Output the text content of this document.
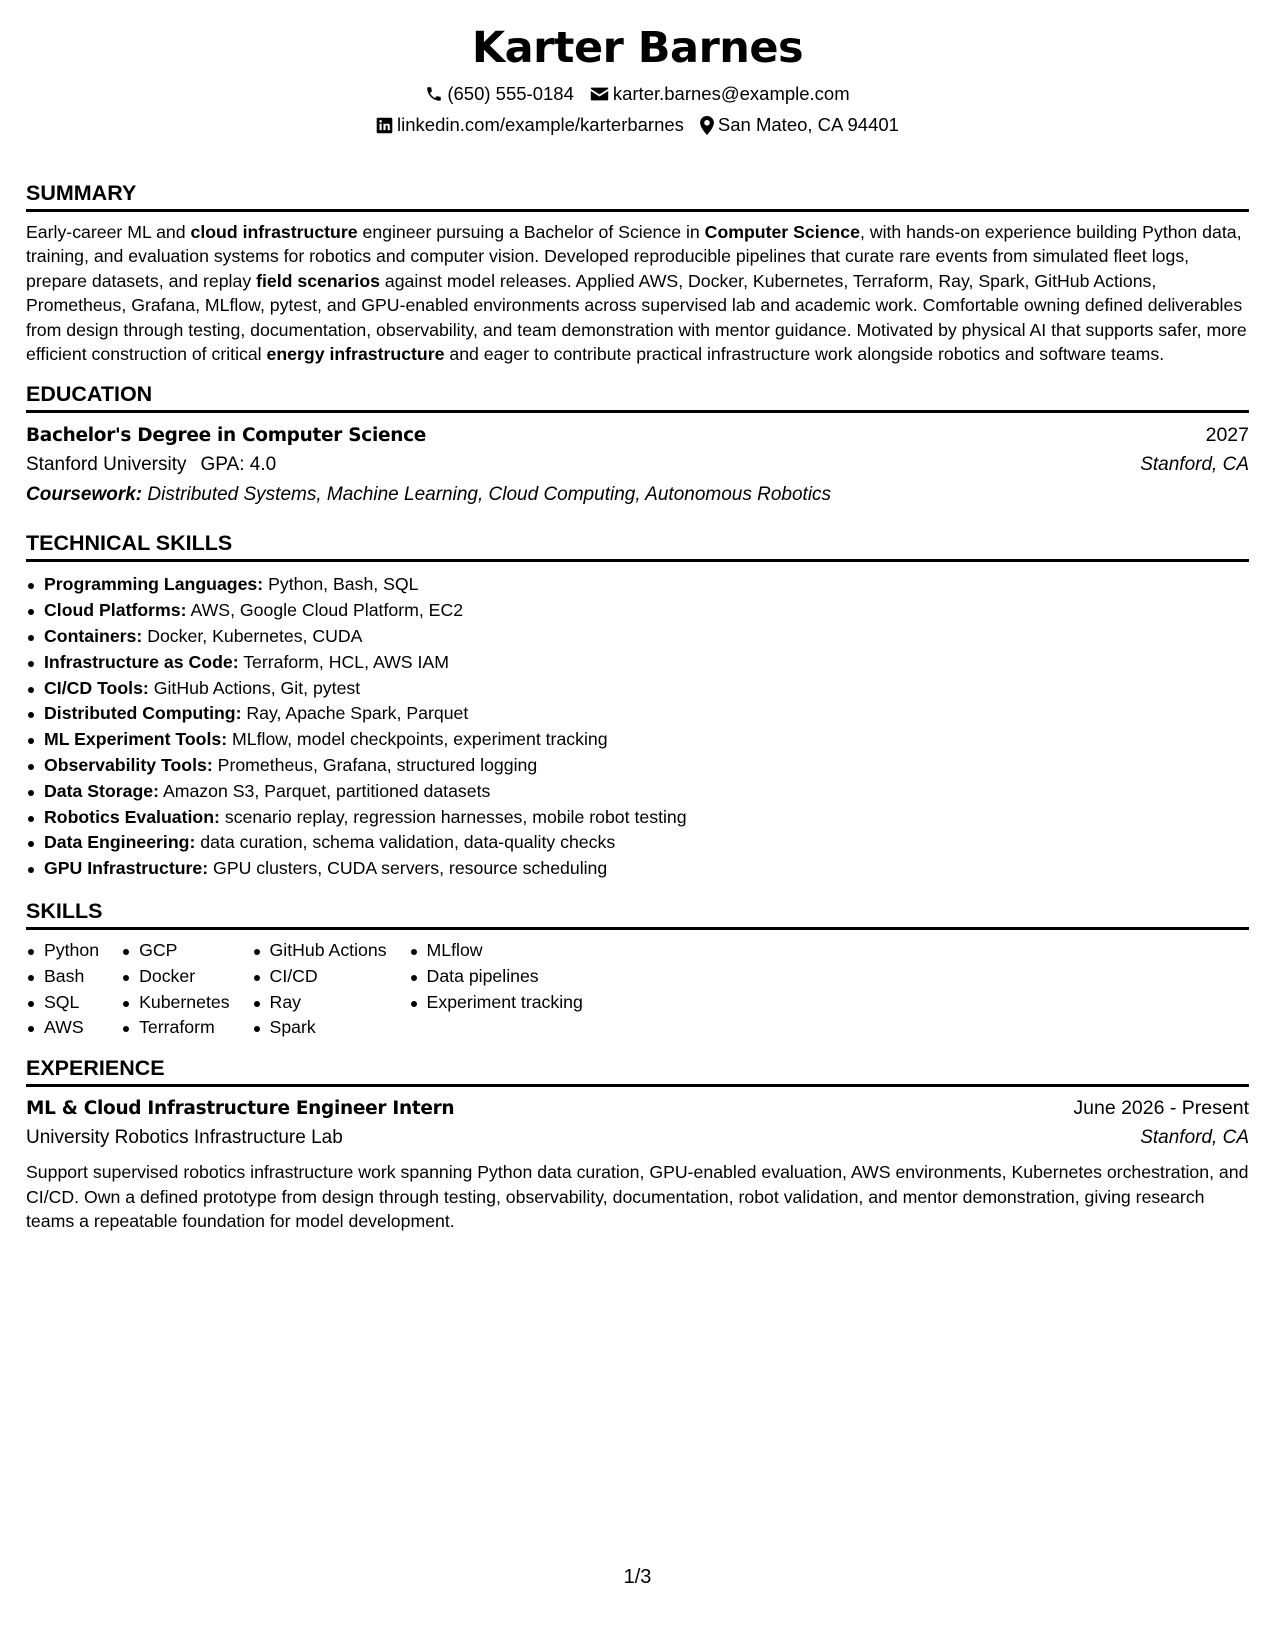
Karter Barnes
(650) 555-0184 karter.barnes@example.com
linkedin.com/example/karterbarnes San Mateo, CA 94401
SUMMARY

Early-career ML and cloud infrastructure engineer pursuing a Bachelor of Science in Computer Science, with hands-on experience building Python data, training, and evaluation systems for robotics and computer vision. Developed reproducible pipelines that curate rare events from simulated fleet logs, prepare datasets, and replay field scenarios against model releases. Applied AWS, Docker, Kubernetes, Terraform, Ray, Spark, GitHub Actions, Prometheus, Grafana, MLflow, pytest, and GPU-enabled environments across supervised lab and academic work. Comfortable owning defined deliverables from design through testing, documentation, observability, and team demonstration with mentor guidance. Motivated by physical AI that supports safer, more efficient construction of critical energy infrastructure and eager to contribute practical infrastructure work alongside robotics and software teams.

EDUCATION
Bachelor's Degree in Computer Science	2027
Stanford University GPA: 4.0	Stanford, CA
Coursework: Distributed Systems, Machine Learning, Cloud Computing, Autonomous Robotics
TECHNICAL SKILLS
Programming Languages: Python, Bash, SQL
Cloud Platforms: AWS, Google Cloud Platform, EC2
Containers: Docker, Kubernetes, CUDA
Infrastructure as Code: Terraform, HCL, AWS IAM
CI/CD Tools: GitHub Actions, Git, pytest
Distributed Computing: Ray, Apache Spark, Parquet
ML Experiment Tools: MLflow, model checkpoints, experiment tracking
Observability Tools: Prometheus, Grafana, structured logging
Data Storage: Amazon S3, Parquet, partitioned datasets
Robotics Evaluation: scenario replay, regression harnesses, mobile robot testing
Data Engineering: data curation, schema validation, data-quality checks
GPU Infrastructure: GPU clusters, CUDA servers, resource scheduling
SKILLS
Python
Bash
SQL
AWS
GCP
Docker
Kubernetes
Terraform
GitHub Actions
CI/CD
Ray
Spark
MLflow
Data pipelines
Experiment tracking
EXPERIENCE
ML & Cloud Infrastructure Engineer Intern	June 2026 - Present
University Robotics Infrastructure Lab	Stanford, CA

Support supervised robotics infrastructure work spanning Python data curation, GPU-enabled evaluation, AWS environments, Kubernetes orchestration, and CI/CD. Own a defined prototype from design through testing, observability, documentation, robot validation, and mentor demonstration, giving research teams a repeatable foundation for model development.

1/3
